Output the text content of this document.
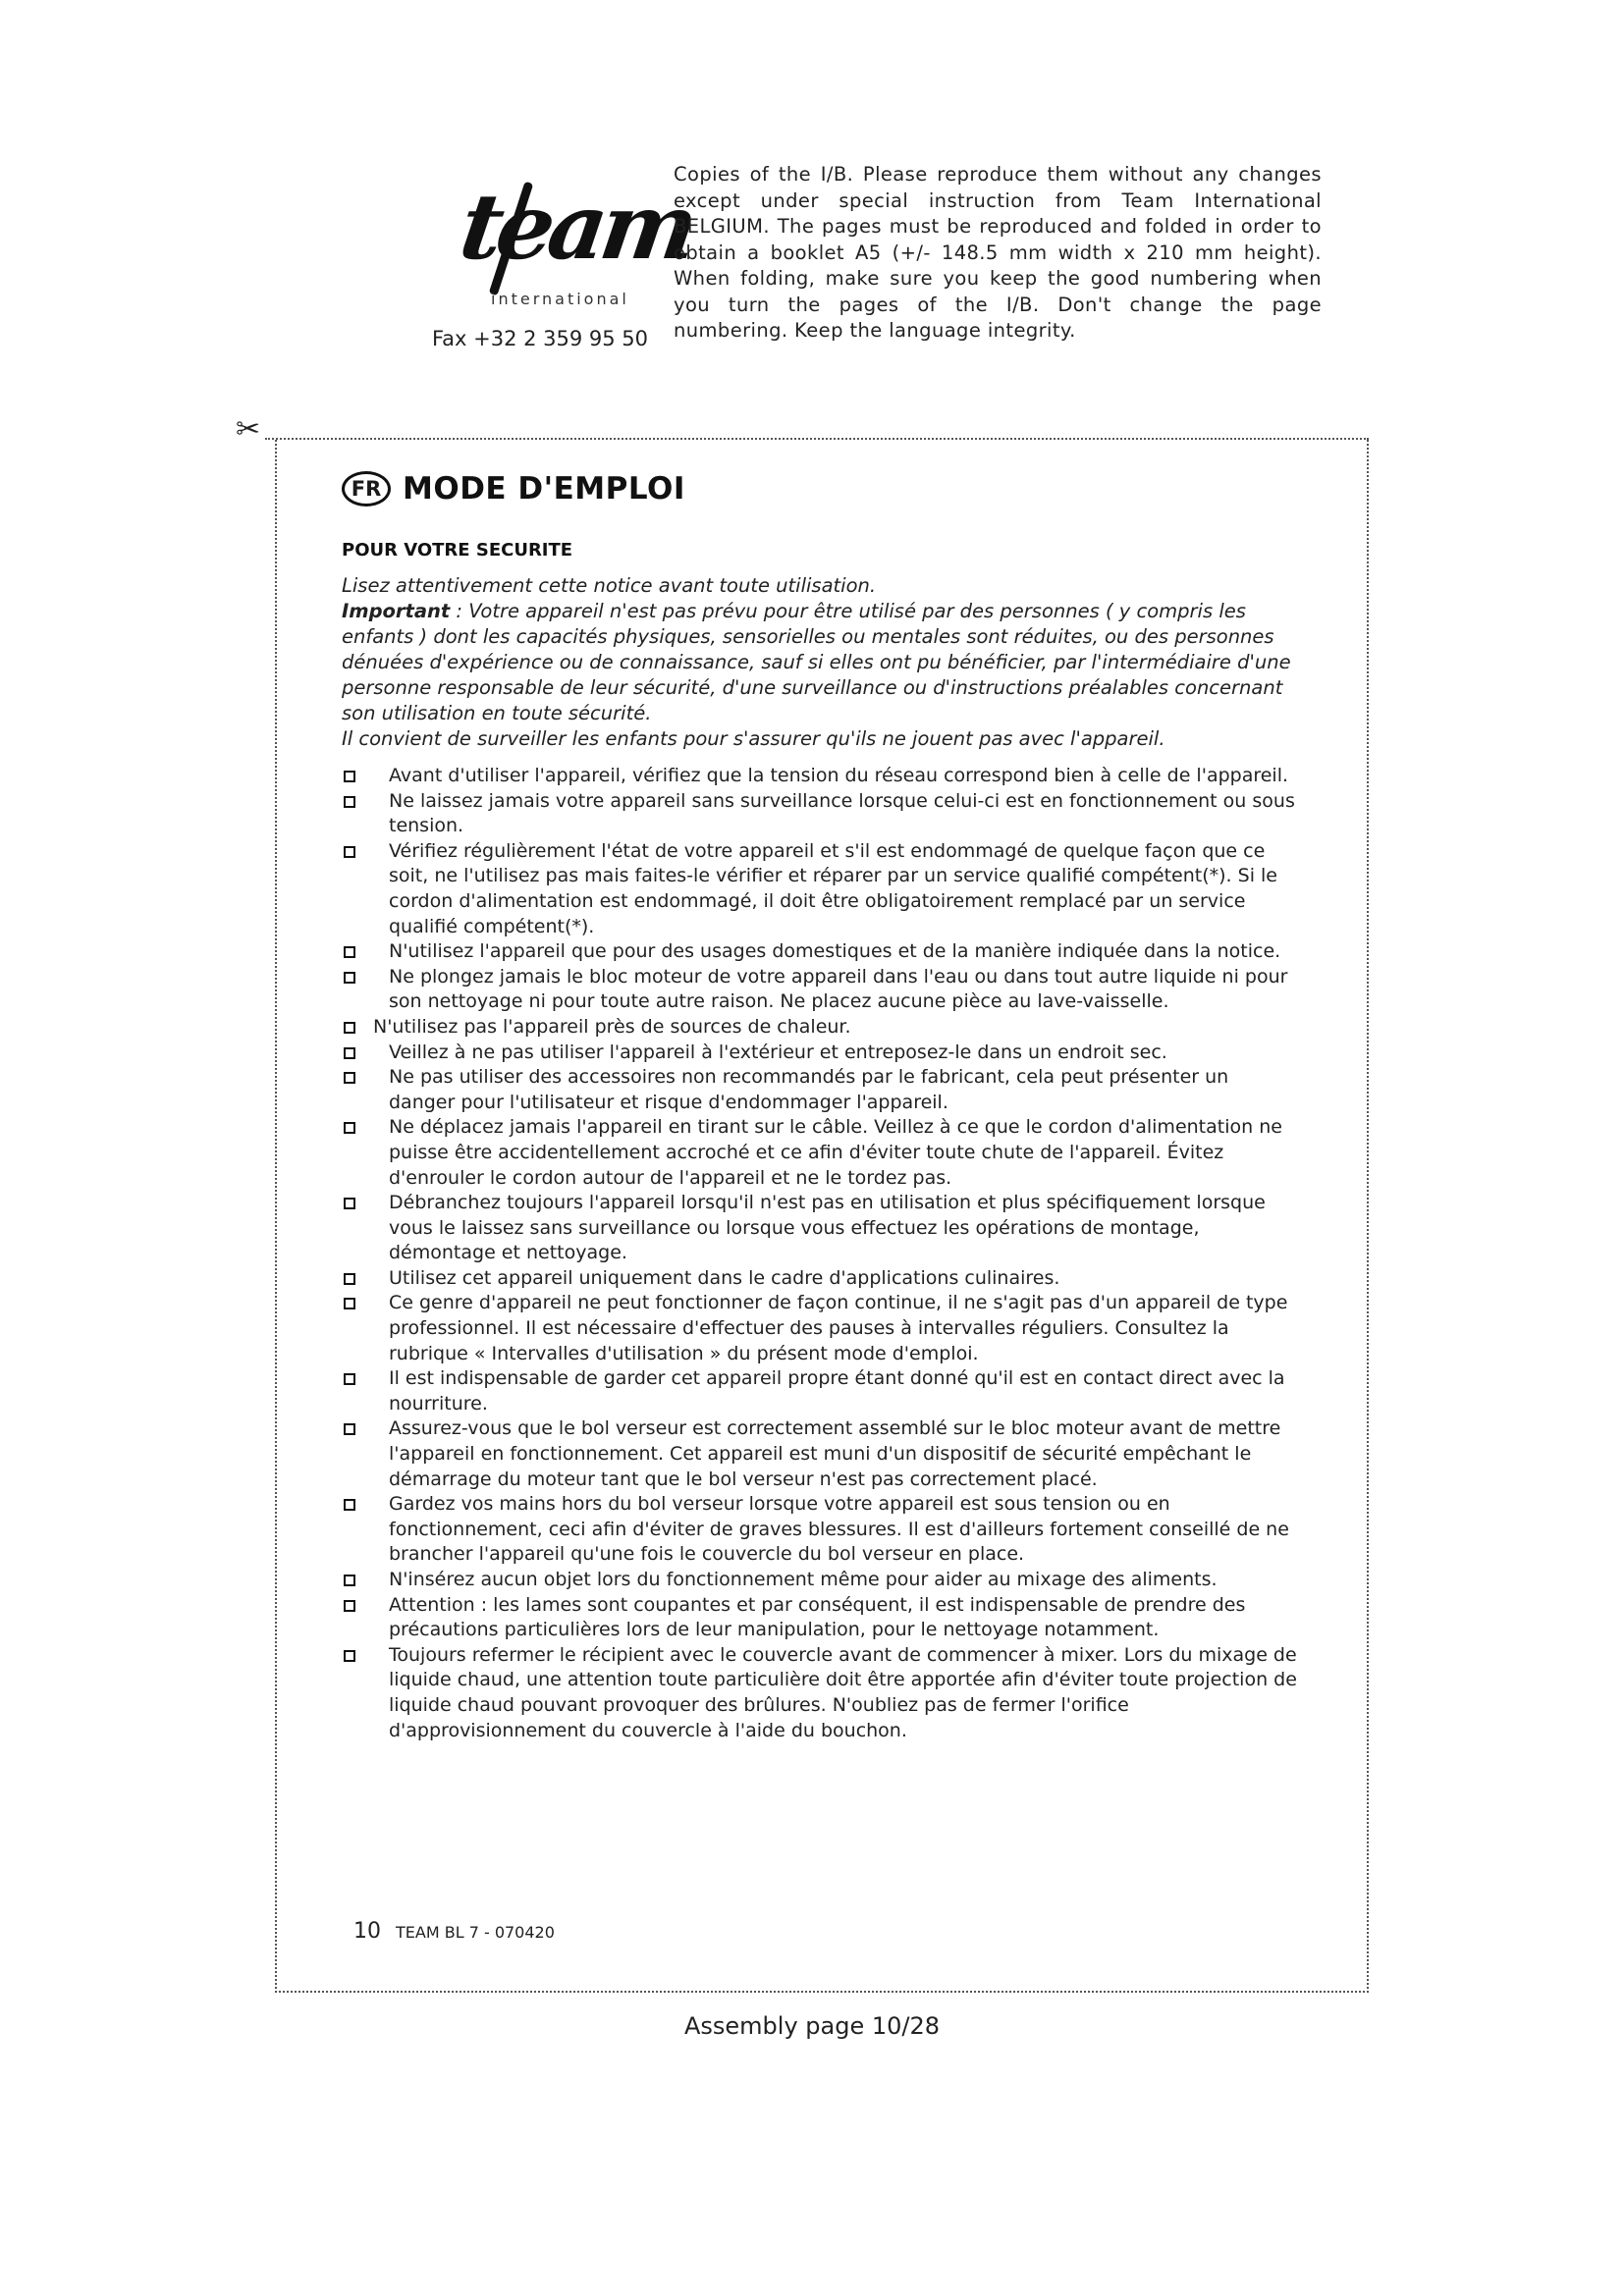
team
international
Fax +32 2 359 95 50
Copies of the I/B. Please reproduce them without any changes except under special instruction from Team International BELGIUM. The pages must be reproduced and folded in order to obtain a booklet A5 (+/- 148.5 mm width x 210 mm height). When folding, make sure you keep the good numbering when you turn the pages of the I/B. Don't change the page numbering. Keep the language integrity.
✂
FR MODE D'EMPLOI
POUR VOTRE SECURITE

Lisez attentivement cette notice avant toute utilisation.

Important : Votre appareil n'est pas prévu pour être utilisé par des personnes ( y compris les enfants ) dont les capacités physiques, sensorielles ou mentales sont réduites, ou des personnes dénuées d'expérience ou de connaissance, sauf si elles ont pu bénéficier, par l'intermédiaire d'une personne responsable de leur sécurité, d'une surveillance ou d'instructions préalables concernant son utilisation en toute sécurité.

Il convient de surveiller les enfants pour s'assurer qu'ils ne jouent pas avec l'appareil.

Avant d'utiliser l'appareil, vérifiez que la tension du réseau correspond bien à celle de l'appareil.
Ne laissez jamais votre appareil sans surveillance lorsque celui-ci est en fonctionnement ou sous tension.
Vérifiez régulièrement l'état de votre appareil et s'il est endommagé de quelque façon que ce soit, ne l'utilisez pas mais faites-le vérifier et réparer par un service qualifié compétent(*). Si le cordon d'alimentation est endommagé, il doit être obligatoirement remplacé par un service qualifié compétent(*).
N'utilisez l'appareil que pour des usages domestiques et de la manière indiquée dans la notice.
Ne plongez jamais le bloc moteur de votre appareil dans l'eau ou dans tout autre liquide ni pour son nettoyage ni pour toute autre raison. Ne placez aucune pièce au lave-vaisselle.
N'utilisez pas l'appareil près de sources de chaleur.
Veillez à ne pas utiliser l'appareil à l'extérieur et entreposez-le dans un endroit sec.
Ne pas utiliser des accessoires non recommandés par le fabricant, cela peut présenter un danger pour l'utilisateur et risque d'endommager l'appareil.
Ne déplacez jamais l'appareil en tirant sur le câble. Veillez à ce que le cordon d'alimentation ne puisse être accidentellement accroché et ce afin d'éviter toute chute de l'appareil. Évitez d'enrouler le cordon autour de l'appareil et ne le tordez pas.
Débranchez toujours l'appareil lorsqu'il n'est pas en utilisation et plus spécifiquement lorsque vous le laissez sans surveillance ou lorsque vous effectuez les opérations de montage, démontage et nettoyage.
Utilisez cet appareil uniquement dans le cadre d'applications culinaires.
Ce genre d'appareil ne peut fonctionner de façon continue, il ne s'agit pas d'un appareil de type professionnel. Il est nécessaire d'effectuer des pauses à intervalles réguliers. Consultez la rubrique « Intervalles d'utilisation » du présent mode d'emploi.
Il est indispensable de garder cet appareil propre étant donné qu'il est en contact direct avec la nourriture.
Assurez-vous que le bol verseur est correctement assemblé sur le bloc moteur avant de mettre l'appareil en fonctionnement. Cet appareil est muni d'un dispositif de sécurité empêchant le démarrage du moteur tant que le bol verseur n'est pas correctement placé.
Gardez vos mains hors du bol verseur lorsque votre appareil est sous tension ou en fonctionnement, ceci afin d'éviter de graves blessures. Il est d'ailleurs fortement conseillé de ne brancher l'appareil qu'une fois le couvercle du bol verseur en place.
N'insérez aucun objet lors du fonctionnement même pour aider au mixage des aliments.
Attention : les lames sont coupantes et par conséquent, il est indispensable de prendre des précautions particulières lors de leur manipulation, pour le nettoyage notamment.
Toujours refermer le récipient avec le couvercle avant de commencer à mixer. Lors du mixage de liquide chaud, une attention toute particulière doit être apportée afin d'éviter toute projection de liquide chaud pouvant provoquer des brûlures. N'oubliez pas de fermer l'orifice d'approvisionnement du couvercle à l'aide du bouchon.
10 TEAM BL 7 - 070420
Assembly page 10/28
